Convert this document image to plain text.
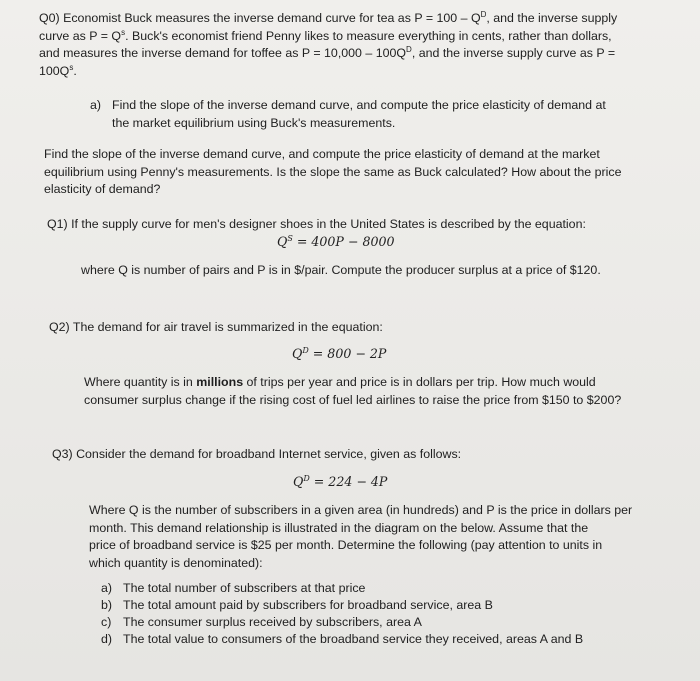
Q0) Economist Buck measures the inverse demand curve for tea as $P = 100 - Q^D$, and the inverse supply
curve as $P = Q^s$. Buck's economist friend Penny likes to measure everything in cents, rather than dollars,
and measures the inverse demand for toffee as $P = 10,000 - 100Q^D$, and the inverse supply curve as P =
$100Q^s$.
a) Find the slope of the inverse demand curve, and compute the price elasticity of demand at
the market equilibrium using Buck's measurements.
Find the slope of the inverse demand curve, and compute the price elasticity of demand at the market
equilibrium using Penny's measurements. Is the slope the same as Buck calculated? How about the price
elasticity of demand?
Q1) If the supply curve for men's designer shoes in the United States is described by the equation:
$Q^S = 400P - 8000$
where Q is number of pairs and P is in $/pair. Compute the producer surplus at a price of $120.
Q2) The demand for air travel is summarized in the equation:
$Q^D = 800 - 2P$
Where quantity is in millions of trips per year and price is in dollars per trip. How much would
consumer surplus change if the rising cost of fuel led airlines to raise the price from $150 to $200?
Q3) Consider the demand for broadband Internet service, given as follows:
$Q^D = 224 - 4P$
Where Q is the number of subscribers in a given area (in hundreds) and P is the price in dollars per
month. This demand relationship is illustrated in the diagram on the below. Assume that the
price of broadband service is $25 per month. Determine the following (pay attention to units in
which quantity is denominated):
a) The total number of subscribers at that price
b) The total amount paid by subscribers for broadband service, area B
c) The consumer surplus received by subscribers, area A
d) The total value to consumers of the broadband service they received, areas A and B
